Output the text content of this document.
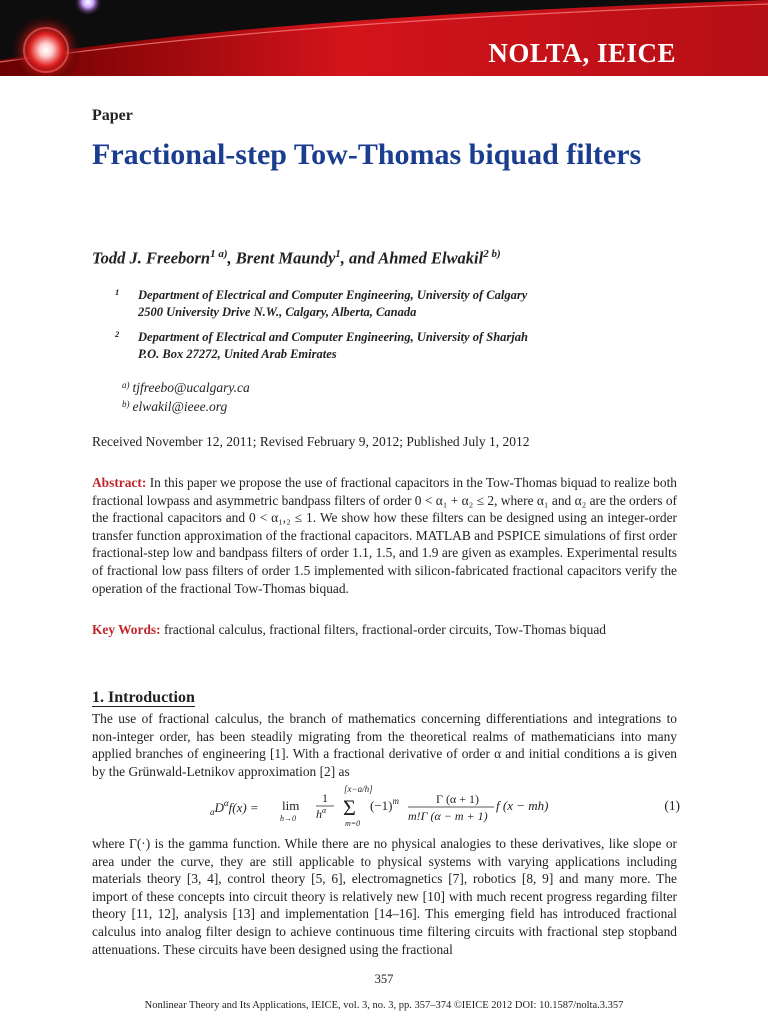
NOLTA, IEICE
Paper
Fractional-step Tow-Thomas biquad filters
Todd J. Freeborn$^{1 a)}$, Brent Maundy$^1$, and Ahmed Elwakil$^{2 b)}$
1	Department of Electrical and Computer Engineering, University of Calgary
2500 University Drive N.W., Calgary, Alberta, Canada
2	Department of Electrical and Computer Engineering, University of Sharjah
P.O. Box 27272, United Arab Emirates
$^{a)}$ tjfreebo@ucalgary.ca
$^{b)}$ elwakil@ieee.org
Received November 12, 2011; Revised February 9, 2012; Published July 1, 2012
Abstract: In this paper we propose the use of fractional capacitors in the Tow-Thomas biquad to realize both fractional lowpass and asymmetric bandpass filters of order 0 < α₁ + α₂ ≤ 2, where α₁ and α₂ are the orders of the fractional capacitors and 0 < α₁,₂ ≤ 1. We show how these filters can be designed using an integer-order transfer function approximation of the fractional capacitors. MATLAB and PSPICE simulations of first order fractional-step low and bandpass filters of order 1.1, 1.5, and 1.9 are given as examples. Experimental results of fractional low pass filters of order 1.5 implemented with silicon-fabricated fractional capacitors verify the operation of the fractional Tow-Thomas biquad.
Key Words: fractional calculus, fractional filters, fractional-order circuits, Tow-Thomas biquad
1. Introduction
The use of fractional calculus, the branch of mathematics concerning differentiations and integrations to non-integer order, has been steadily migrating from the theoretical realms of mathematicians into many applied branches of engineering [1]. With a fractional derivative of order α and initial conditions a is given by the Grünwald-Letnikov approximation [2] as
$_aD^\alpha f(x) = \lim$
h→0
1
$h^\alpha$
[x−a/h]
Σ
m=0
$(-1)^m$	Γ (α + 1)
m!Γ (α − m + 1)
f (x − mh)	(1)
where Γ(·) is the gamma function. While there are no physical analogies to these derivatives, like slope or area under the curve, they are still applicable to physical systems with varying applications including materials theory [3, 4], control theory [5, 6], electromagnetics [7], robotics [8, 9] and many more. The import of these concepts into circuit theory is relatively new [10] with much recent progress regarding filter theory [11, 12], analysis [13] and implementation [14–16]. This emerging field has introduced fractional calculus into analog filter design to achieve continuous time filtering circuits with fractional step stopband attenuations. These circuits have been designed using the fractional
357
Nonlinear Theory and Its Applications, IEICE, vol. 3, no. 3, pp. 357–374 ©IEICE 2012 DOI: 10.1587/nolta.3.357
